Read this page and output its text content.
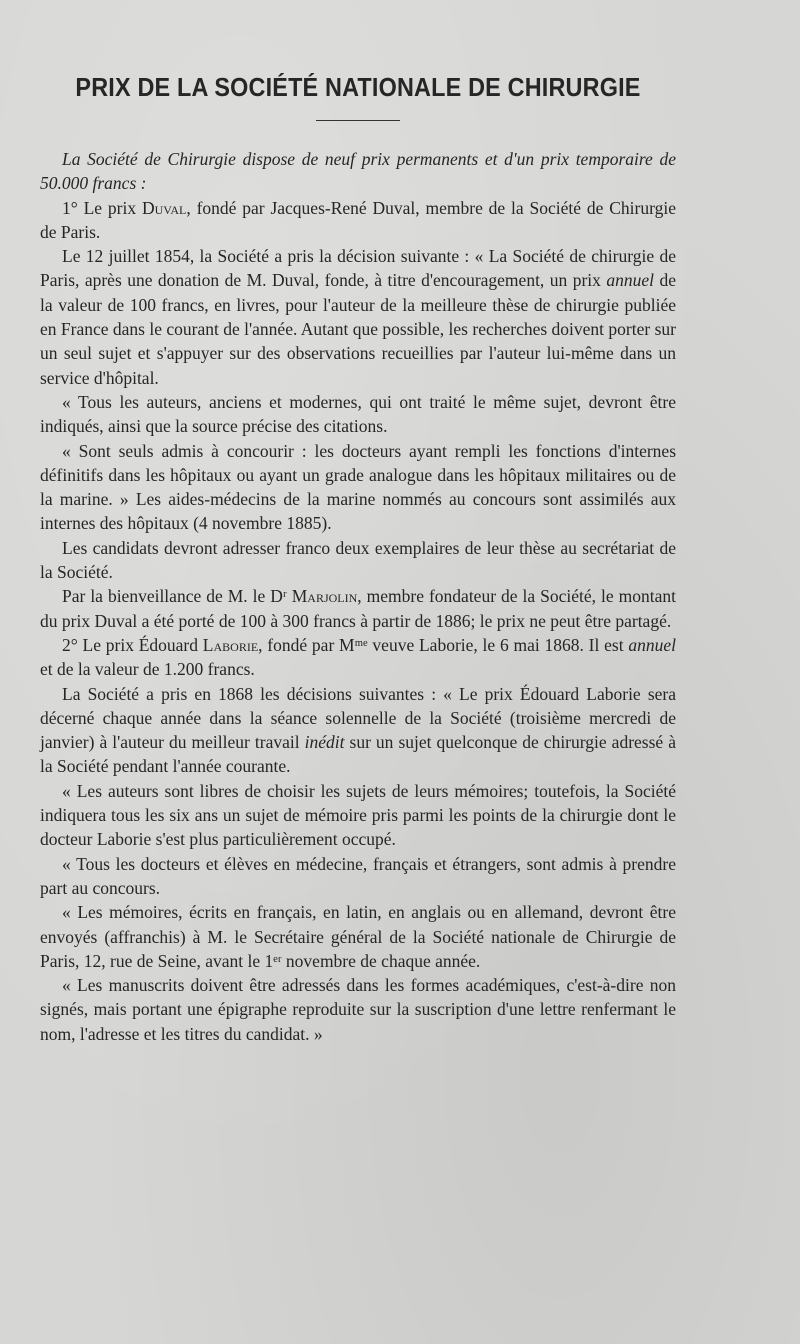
PRIX DE LA SOCIÉTÉ NATIONALE DE CHIRURGIE

La Société de Chirurgie dispose de neuf prix permanents et d'un prix temporaire de 50.000 francs :

1° Le prix Duval, fondé par Jacques-René Duval, membre de la Société de Chirurgie de Paris.

Le 12 juillet 1854, la Société a pris la décision suivante : « La Société de chirurgie de Paris, après une donation de M. Duval, fonde, à titre d'encouragement, un prix annuel de la valeur de 100 francs, en livres, pour l'auteur de la meilleure thèse de chirurgie publiée en France dans le courant de l'année. Autant que possible, les recherches doivent porter sur un seul sujet et s'appuyer sur des observations recueillies par l'auteur lui-même dans un service d'hôpital.

« Tous les auteurs, anciens et modernes, qui ont traité le même sujet, devront être indiqués, ainsi que la source précise des citations.

« Sont seuls admis à concourir : les docteurs ayant rempli les fonctions d'internes définitifs dans les hôpitaux ou ayant un grade analogue dans les hôpitaux militaires ou de la marine. » Les aides-médecins de la marine nommés au concours sont assimilés aux internes des hôpitaux (4 novembre 1885).

Les candidats devront adresser franco deux exemplaires de leur thèse au secrétariat de la Société.

Par la bienveillance de M. le Dʳ Marjolin, membre fondateur de la Société, le montant du prix Duval a été porté de 100 à 300 francs à partir de 1886; le prix ne peut être partagé.

2° Le prix Édouard Laborie, fondé par Mᵐᵉ veuve Laborie, le 6 mai 1868. Il est annuel et de la valeur de 1.200 francs.

La Société a pris en 1868 les décisions suivantes : « Le prix Édouard Laborie sera décerné chaque année dans la séance solennelle de la Société (troisième mercredi de janvier) à l'auteur du meilleur travail inédit sur un sujet quelconque de chirurgie adressé à la Société pendant l'année courante.

« Les auteurs sont libres de choisir les sujets de leurs mémoires; toutefois, la Société indiquera tous les six ans un sujet de mémoire pris parmi les points de la chirurgie dont le docteur Laborie s'est plus particulièrement occupé.

« Tous les docteurs et élèves en médecine, français et étrangers, sont admis à prendre part au concours.

« Les mémoires, écrits en français, en latin, en anglais ou en allemand, devront être envoyés (affranchis) à M. le Secrétaire général de la Société nationale de Chirurgie de Paris, 12, rue de Seine, avant le 1ᵉʳ novembre de chaque année.

« Les manuscrits doivent être adressés dans les formes académiques, c'est-à-dire non signés, mais portant une épigraphe reproduite sur la suscription d'une lettre renfermant le nom, l'adresse et les titres du candidat. »
